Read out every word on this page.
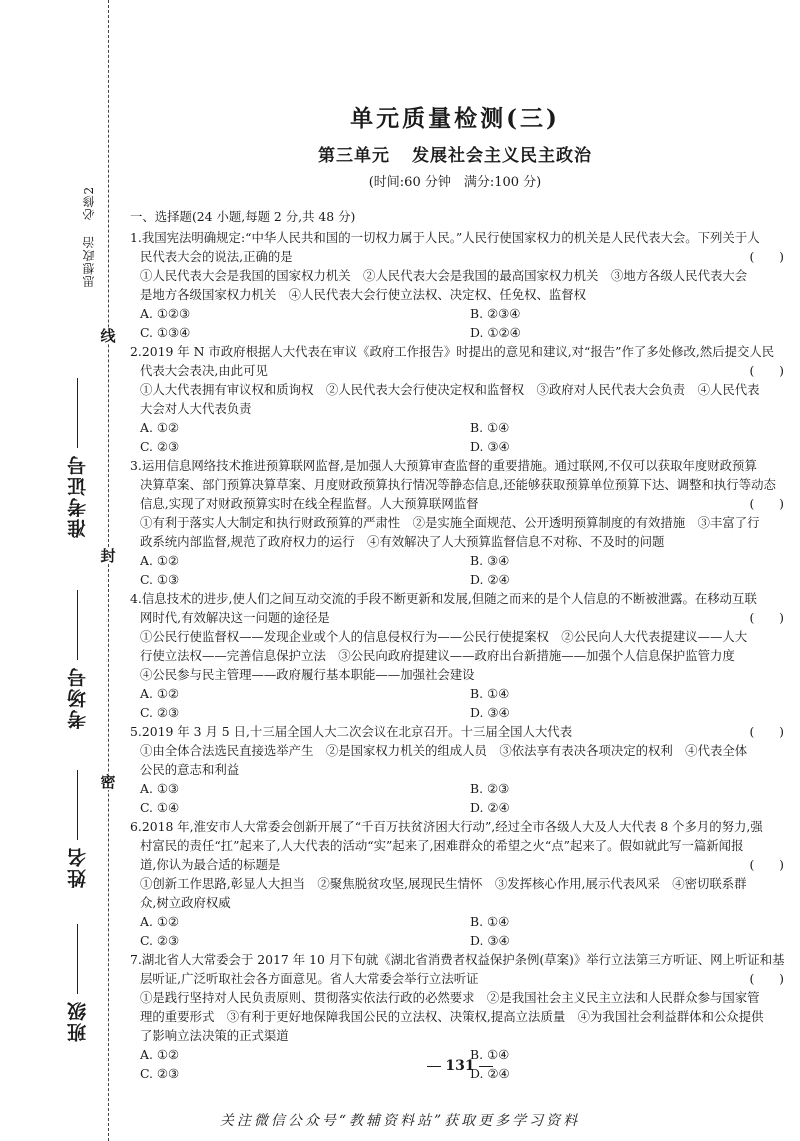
线
封
密
准考证号
考场号
姓名
班级
思想政治 必修2
单元质量检测(三)
第三单元 发展社会主义民主政治
(时间:60 分钟　满分:100 分)
一、选择题(24 小题,每题 2 分,共 48 分)
1.我国宪法明确规定:“中华人民共和国的一切权力属于人民。”人民行使国家权力的机关是人民代表大会。下列关于人
民代表大会的说法,正确的是	(　　)
①人民代表大会是我国的国家权力机关　②人民代表大会是我国的最高国家权力机关　③地方各级人民代表大会
是地方各级国家权力机关　④人民代表大会行使立法权、决定权、任免权、监督权
A. ①②③	B. ②③④
C. ①③④	D. ①②④
2.2019 年 N 市政府根据人大代表在审议《政府工作报告》时提出的意见和建议,对“报告”作了多处修改,然后提交人民
代表大会表决,由此可见	(　　)
①人大代表拥有审议权和质询权　②人民代表大会行使决定权和监督权　③政府对人民代表大会负责　④人民代表
大会对人大代表负责
A. ①②	B. ①④
C. ②③	D. ③④
3.运用信息网络技术推进预算联网监督,是加强人大预算审查监督的重要措施。通过联网,不仅可以获取年度财政预算
决算草案、部门预算决算草案、月度财政预算执行情况等静态信息,还能够获取预算单位预算下达、调整和执行等动态
信息,实现了对财政预算实时在线全程监督。人大预算联网监督	(　　)
①有利于落实人大制定和执行财政预算的严肃性　②是实施全面规范、公开透明预算制度的有效措施　③丰富了行
政系统内部监督,规范了政府权力的运行　④有效解决了人大预算监督信息不对称、不及时的问题
A. ①②	B. ③④
C. ①③	D. ②④
4.信息技术的进步,使人们之间互动交流的手段不断更新和发展,但随之而来的是个人信息的不断被泄露。在移动互联
网时代,有效解决这一问题的途径是	(　　)
①公民行使监督权——发现企业或个人的信息侵权行为——公民行使提案权　②公民向人大代表提建议——人大
行使立法权——完善信息保护立法　③公民向政府提建议——政府出台新措施——加强个人信息保护监管力度
④公民参与民主管理——政府履行基本职能——加强社会建设
A. ①②	B. ①④
C. ②③	D. ③④
5.2019 年 3 月 5 日,十三届全国人大二次会议在北京召开。十三届全国人大代表	(　　)
①由全体合法选民直接选举产生　②是国家权力机关的组成人员　③依法享有表决各项决定的权利　④代表全体
公民的意志和利益
A. ①③	B. ②③
C. ①④	D. ②④
6.2018 年,淮安市人大常委会创新开展了“千百万扶贫济困大行动”,经过全市各级人大及人大代表 8 个多月的努力,强
村富民的责任“扛”起来了,人大代表的活动“实”起来了,困难群众的希望之火“点”起来了。假如就此写一篇新闻报
道,你认为最合适的标题是	(　　)
①创新工作思路,彰显人大担当　②聚焦脱贫攻坚,展现民生情怀　③发挥核心作用,展示代表风采　④密切联系群
众,树立政府权威
A. ①②	B. ①④
C. ②③	D. ③④
7.湖北省人大常委会于 2017 年 10 月下旬就《湖北省消费者权益保护条例(草案)》举行立法第三方听证、网上听证和基
层听证,广泛听取社会各方面意见。省人大常委会举行立法听证	(　　)
①是践行坚持对人民负责原则、贯彻落实依法行政的必然要求　②是我国社会主义民主立法和人民群众参与国家管
理的重要形式　③有利于更好地保障我国公民的立法权、决策权,提高立法质量　④为我国社会利益群体和公众提供
了影响立法决策的正式渠道
A. ①②	B. ①④
C. ②③	D. ②④
131
关注微信公众号“教辅资料站”获取更多学习资料
